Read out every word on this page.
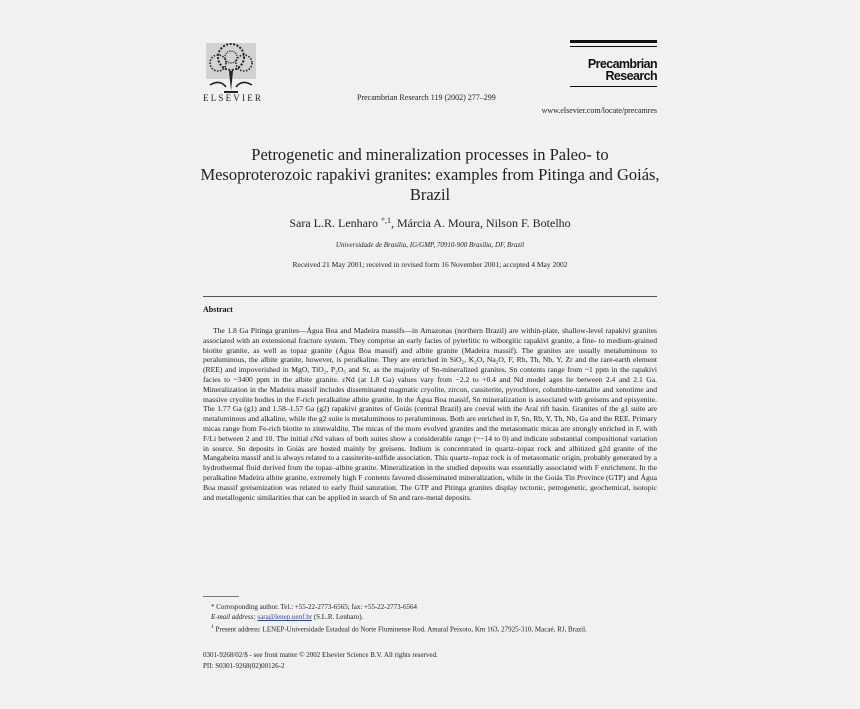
ELSEVIER	Precambrian Research 119 (2002) 277–299
Precambrian
Research
www.elsevier.com/locate/precamres
Petrogenetic and mineralization processes in Paleo- to Mesoproterozoic rapakivi granites: examples from Pitinga and Goiás, Brazil
Sara L.R. Lenharo $^{*,1}$, Márcia A. Moura, Nilson F. Botelho
Universidade de Brasília, IG/GMP, 70910-900 Brasília, DF, Brazil
Received 21 May 2001; received in revised form 16 November 2001; accepted 4 May 2002
Abstract

The 1.8 Ga Pitinga granites—Água Boa and Madeira massifs—in Amazonas (northern Brazil) are within-plate, shallow-level rapakivi granites associated with an extensional fracture system. They comprise an early facies of pyterlitic to wiborgitic rapakivi granite, a fine- to medium-grained biotite granite, as well as topaz granite (Água Boa massif) and albite granite (Madeira massif). The granites are usually metaluminous to peraluminous, the albite granite, however, is peralkaline. They are enriched in SiO₂, K₂O, Na₂O, F, Rb, Th, Nb, Y, Zr and the rare-earth element (REE) and impoverished in MgO, TiO₂, P₂O₅ and Sr, as the majority of Sn-mineralized granites. Sn contents range from ~1 ppm in the rapakivi facies to ~3400 ppm in the albite granite. εNd (at 1.8 Ga) values vary from −2.2 to +0.4 and Nd model ages lie between 2.4 and 2.1 Ga. Mineralization in the Madeira massif includes disseminated magmatic cryolite, zircon, cassiterite, pyrochlore, columbite-tantalite and xenotime and massive cryolite bodies in the F-rich peralkaline albite granite. In the Água Boa massif, Sn mineralization is associated with greisens and episyenite. The 1.77 Ga (g1) and 1.58–1.57 Ga (g2) rapakivi granites of Goiás (central Brazil) are coeval with the Araí rift basin. Granites of the g1 suite are metaluminous and alkaline, while the g2 suite is metaluminous to peraluminous. Both are enriched in F, Sn, Rb, Y, Th, Nb, Ga and the REE. Primary micas range from Fe-rich biotite to zinnwaldite. The micas of the more evolved granites and the metasomatic micas are strongly enriched in F, with F/Li between 2 and 10. The initial εNd values of both suites show a considerable range (~−14 to 0) and indicate substantial compositional variation in source. Sn deposits in Goiás are hosted mainly by greisens. Indium is concentrated in quartz–topaz rock and albitized g2d granite of the Mangabeira massif and is always related to a cassiterite-sulfide association. This quartz–topaz rock is of metasomatic origin, probably generated by a hydrothermal fluid derived from the topaz–albite granite. Mineralization in the studied deposits was essentially associated with F enrichment. In the peralkaline Madeira albite granite, extremely high F contents favored disseminated mineralization, while in the Goiás Tin Province (GTP) and Água Boa massif greisenization was related to early fluid saturation. The GTP and Pitinga granites display tectonic, petrogenetic, geochemical, isotopic and metallogenic similarities that can be applied in search of Sn and rare-metal deposits.

* Corresponding author. Tel.: +55-22-2773-6565; fax: +55-22-2773-6564
E-mail address: sara@lenep.uenf.br (S.L.R. Lenharo).
$^1$ Present address: LENEP-Universidade Estadual do Norte Fluminense Rod. Amaral Peixoto, Km 163, 27925-310, Macaé, RJ, Brazil.
0301-9268/02/$ - see front matter © 2002 Elsevier Science B.V. All rights reserved.
PII: S0301-9268(02)00126-2
